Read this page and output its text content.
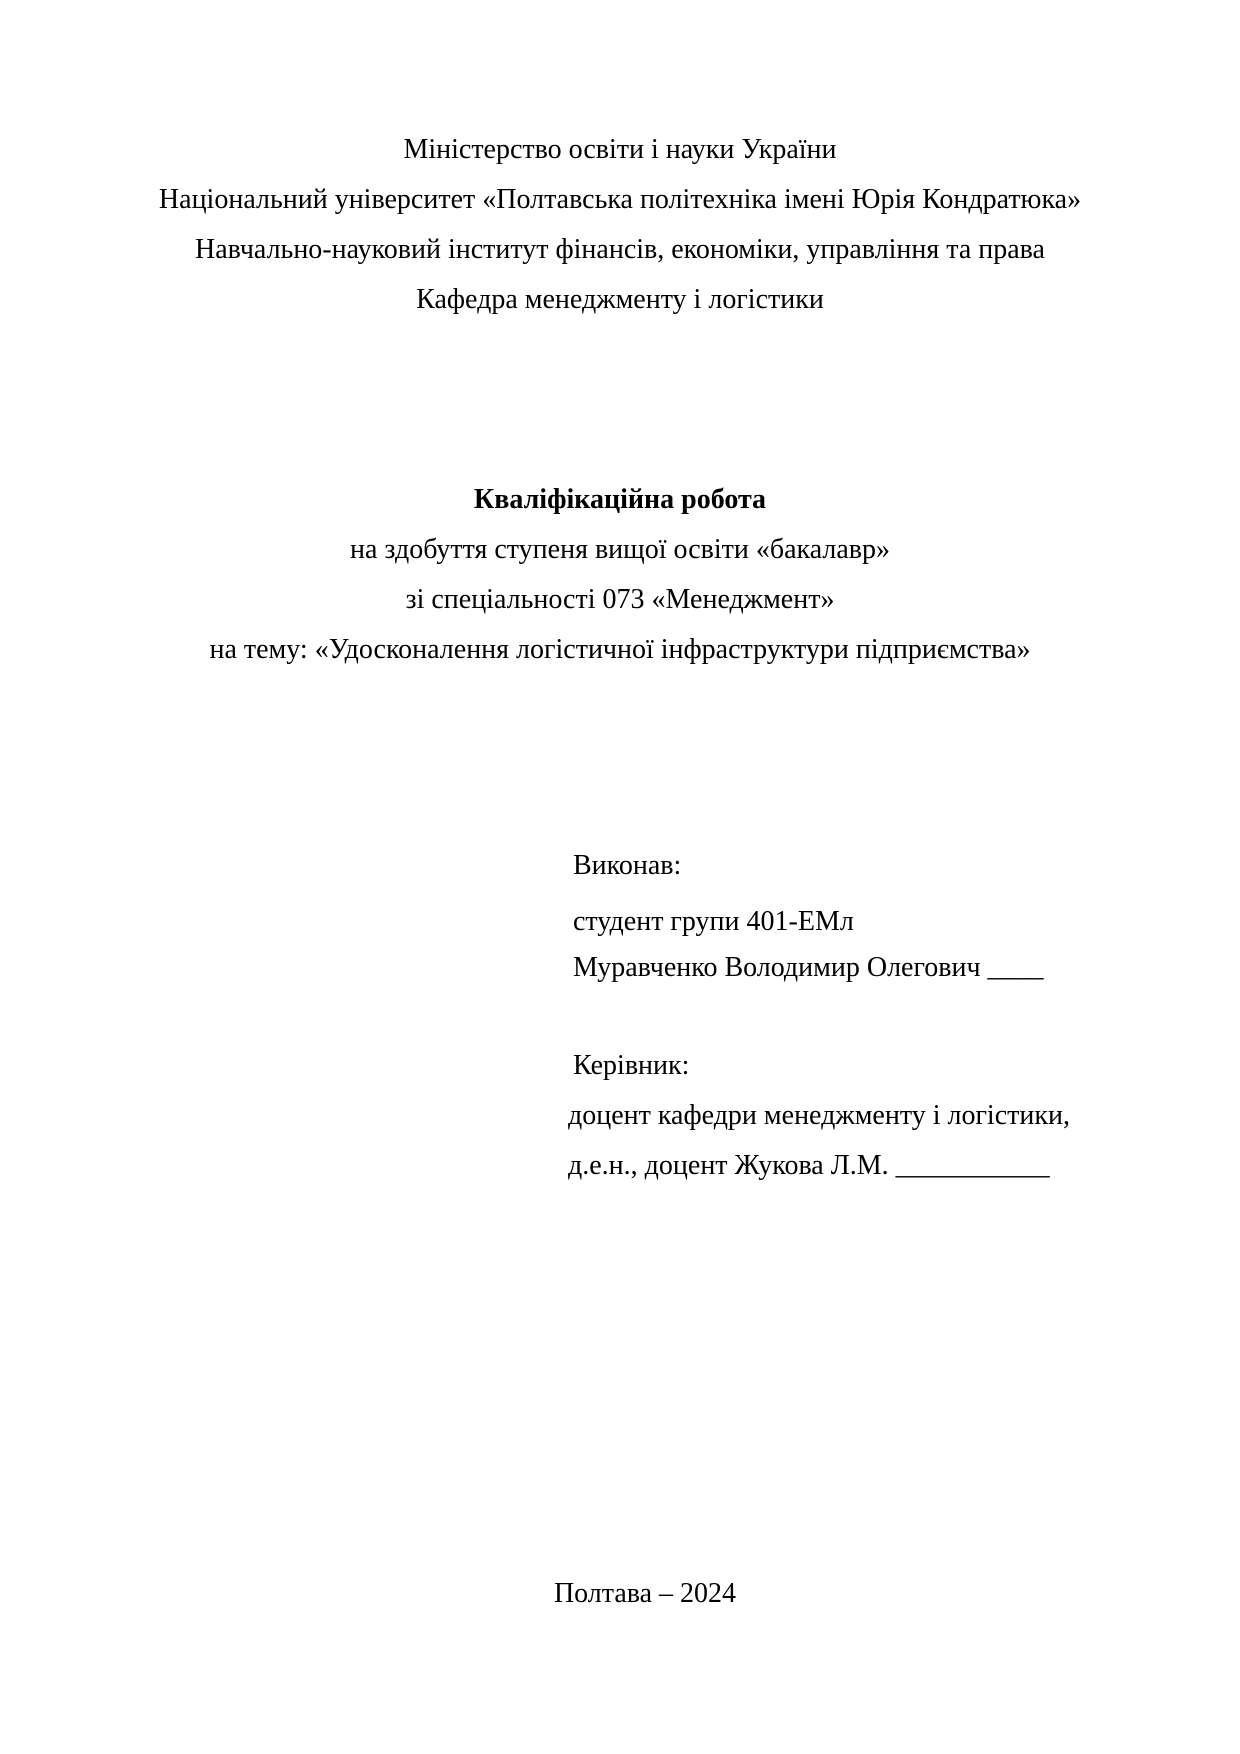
Міністерство освіти і науки України
Національний університет «Полтавська політехніка імені Юрія Кондратюка»
Навчально-науковий інститут фінансів, економіки, управління та права
Кафедра менеджменту і логістики
Кваліфікаційна робота
на здобуття ступеня вищої освіти «бакалавр»
зі спеціальності 073 «Менеджмент»
на тему: «Удосконалення логістичної інфраструктури підприємства»
Виконав:
студент групи 401-ЕМл
Муравченко Володимир Олегович ____
Керівник:
доцент кафедри менеджменту і логістики,
д.е.н., доцент Жукова Л.М. ___________
Полтава – 2024
